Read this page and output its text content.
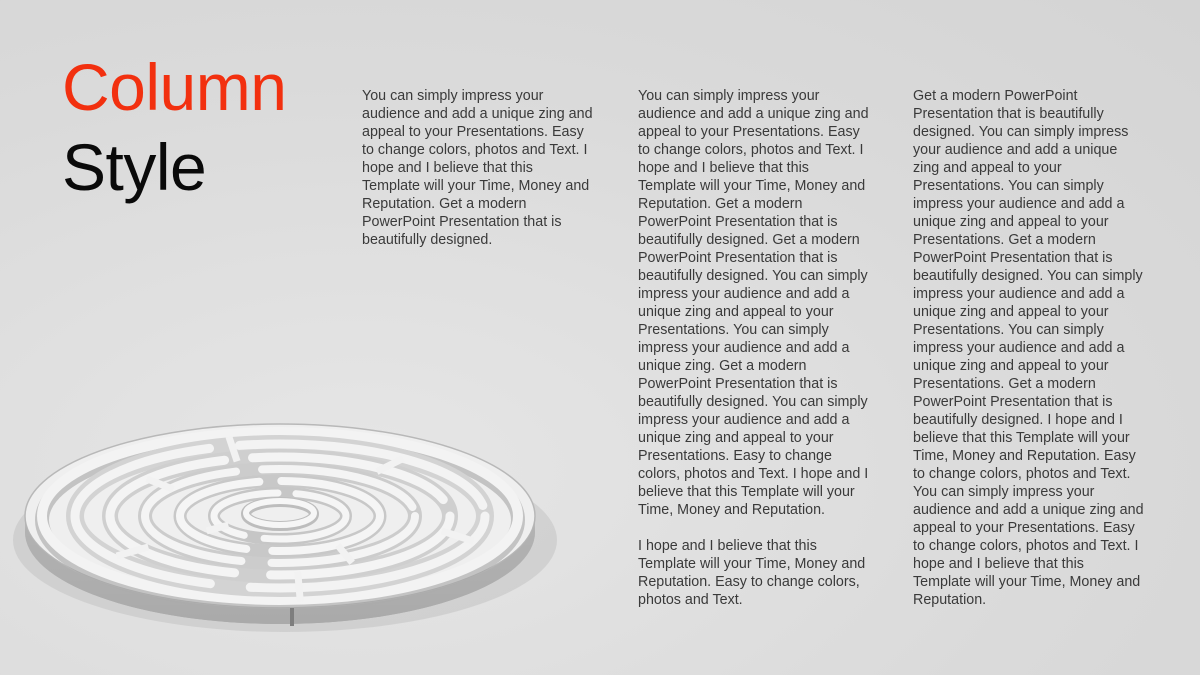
Column
Style

You can simply impress your audience and add a unique zing and appeal to your Presentations. Easy to change colors, photos and Text. I hope and I believe that this Template will your Time, Money and Reputation. Get a modern PowerPoint Presentation that is beautifully designed.

You can simply impress your audience and add a unique zing and appeal to your Presentations. Easy to change colors, photos and Text. I hope and I believe that this Template will your Time, Money and Reputation. Get a modern PowerPoint Presentation that is beautifully designed. Get a modern PowerPoint Presentation that is beautifully designed. You can simply impress your audience and add a unique zing and appeal to your Presentations. You can simply impress your audience and add a unique zing. Get a modern PowerPoint Presentation that is beautifully designed. You can simply impress your audience and add a unique zing and appeal to your Presentations. Easy to change colors, photos and Text. I hope and I believe that this Template will your Time, Money and Reputation.

I hope and I believe that this Template will your Time, Money and Reputation. Easy to change colors, photos and Text.

Get a modern PowerPoint Presentation that is beautifully designed. You can simply impress your audience and add a unique zing and appeal to your Presentations. You can simply impress your audience and add a unique zing and appeal to your Presentations. Get a modern PowerPoint Presentation that is beautifully designed. You can simply impress your audience and add a unique zing and appeal to your Presentations. You can simply impress your audience and add a unique zing and appeal to your Presentations. Get a modern PowerPoint Presentation that is beautifully designed. I hope and I believe that this Template will your Time, Money and Reputation. Easy to change colors, photos and Text. You can simply impress your audience and add a unique zing and appeal to your Presentations. Easy to change colors, photos and Text. I hope and I believe that this Template will your Time, Money and Reputation.
